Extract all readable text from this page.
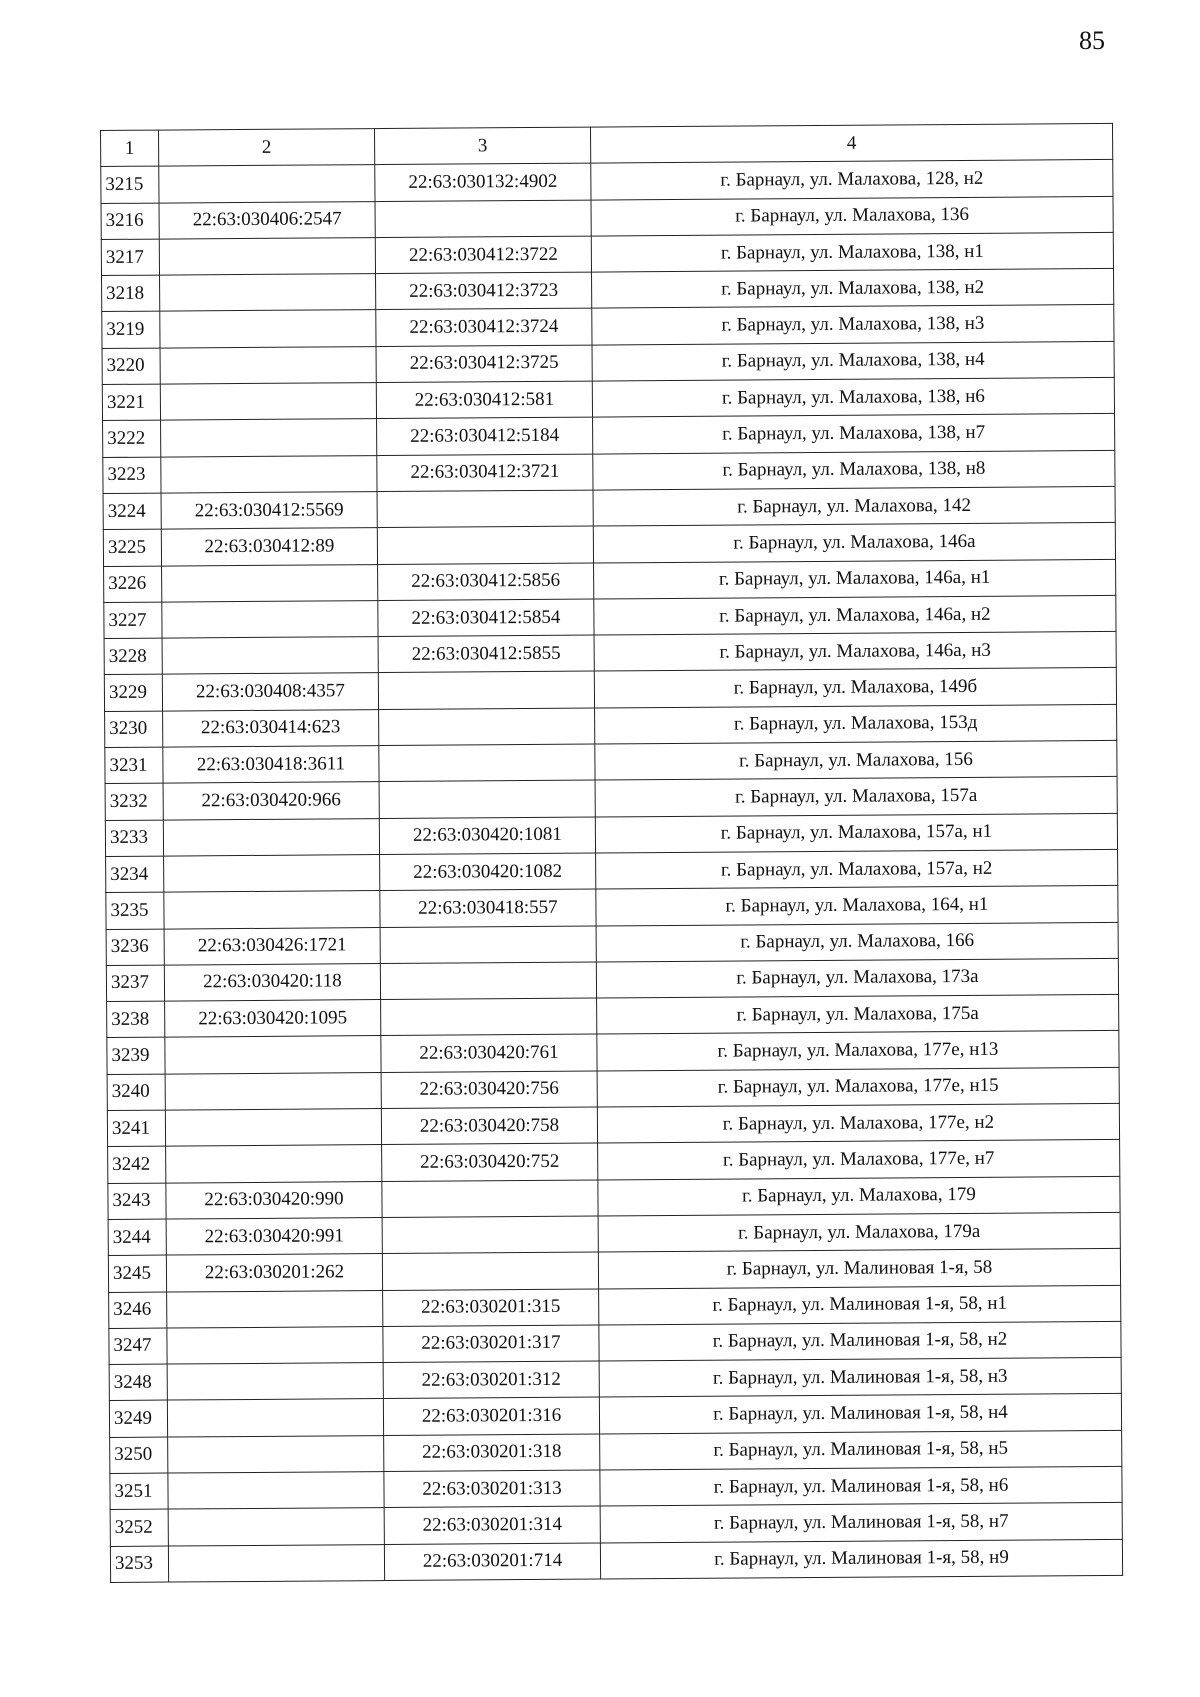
85
1	2	3	4
3215		22:63:030132:4902	г. Барнаул, ул. Малахова, 128, н2
3216	22:63:030406:2547		г. Барнаул, ул. Малахова, 136
3217		22:63:030412:3722	г. Барнаул, ул. Малахова, 138, н1
3218		22:63:030412:3723	г. Барнаул, ул. Малахова, 138, н2
3219		22:63:030412:3724	г. Барнаул, ул. Малахова, 138, н3
3220		22:63:030412:3725	г. Барнаул, ул. Малахова, 138, н4
3221		22:63:030412:581	г. Барнаул, ул. Малахова, 138, н6
3222		22:63:030412:5184	г. Барнаул, ул. Малахова, 138, н7
3223		22:63:030412:3721	г. Барнаул, ул. Малахова, 138, н8
3224	22:63:030412:5569		г. Барнаул, ул. Малахова, 142
3225	22:63:030412:89		г. Барнаул, ул. Малахова, 146а
3226		22:63:030412:5856	г. Барнаул, ул. Малахова, 146а, н1
3227		22:63:030412:5854	г. Барнаул, ул. Малахова, 146а, н2
3228		22:63:030412:5855	г. Барнаул, ул. Малахова, 146а, н3
3229	22:63:030408:4357		г. Барнаул, ул. Малахова, 149б
3230	22:63:030414:623		г. Барнаул, ул. Малахова, 153д
3231	22:63:030418:3611		г. Барнаул, ул. Малахова, 156
3232	22:63:030420:966		г. Барнаул, ул. Малахова, 157а
3233		22:63:030420:1081	г. Барнаул, ул. Малахова, 157а, н1
3234		22:63:030420:1082	г. Барнаул, ул. Малахова, 157а, н2
3235		22:63:030418:557	г. Барнаул, ул. Малахова, 164, н1
3236	22:63:030426:1721		г. Барнаул, ул. Малахова, 166
3237	22:63:030420:118		г. Барнаул, ул. Малахова, 173а
3238	22:63:030420:1095		г. Барнаул, ул. Малахова, 175а
3239		22:63:030420:761	г. Барнаул, ул. Малахова, 177е, н13
3240		22:63:030420:756	г. Барнаул, ул. Малахова, 177е, н15
3241		22:63:030420:758	г. Барнаул, ул. Малахова, 177е, н2
3242		22:63:030420:752	г. Барнаул, ул. Малахова, 177е, н7
3243	22:63:030420:990		г. Барнаул, ул. Малахова, 179
3244	22:63:030420:991		г. Барнаул, ул. Малахова, 179а
3245	22:63:030201:262		г. Барнаул, ул. Малиновая 1-я, 58
3246		22:63:030201:315	г. Барнаул, ул. Малиновая 1-я, 58, н1
3247		22:63:030201:317	г. Барнаул, ул. Малиновая 1-я, 58, н2
3248		22:63:030201:312	г. Барнаул, ул. Малиновая 1-я, 58, н3
3249		22:63:030201:316	г. Барнаул, ул. Малиновая 1-я, 58, н4
3250		22:63:030201:318	г. Барнаул, ул. Малиновая 1-я, 58, н5
3251		22:63:030201:313	г. Барнаул, ул. Малиновая 1-я, 58, н6
3252		22:63:030201:314	г. Барнаул, ул. Малиновая 1-я, 58, н7
3253		22:63:030201:714	г. Барнаул, ул. Малиновая 1-я, 58, н9
